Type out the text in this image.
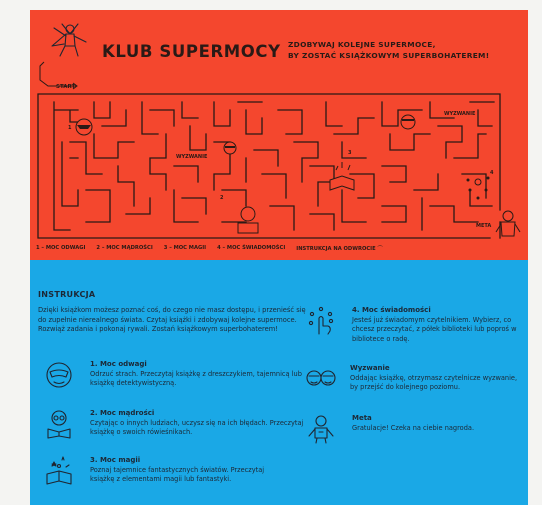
KLUB SUPERMOCY ZDOBYWAJ KOLEJNE SUPERMOCE,
BY ZOSTAĆ KSIĄŻKOWYM SUPERBOHATEREM!
START
1
WYZWANIE
2
3
WYZWANIE
4
META
1 – MOC ODWAGI 2 – MOC MĄDROŚCI 3 – MOC MAGII 4 – MOC ŚWIADOMOŚCI INSTRUKCJA NA ODWROCIE ⌒
INSTRUKCJA
Dzięki książkom możesz poznać coś, do czego nie masz dostępu, i przenieść się do zupełnie nierealnego świata. Czytaj książki i zdobywaj kolejne supermoce. Rozwiąż zadania i pokonaj rywali. Zostań książkowym superbohaterem!
1. Moc odwagi
Odrzuć strach. Przeczytaj książkę z dreszczykiem, tajemnicą lub książkę detektywistyczną.
2. Moc mądrości
Czytając o innych ludziach, uczysz się na ich błędach. Przeczytaj książkę o swoich rówieśnikach.
3. Moc magii
Poznaj tajemnice fantastycznych światów. Przeczytaj książkę z elementami magii lub fantastyki.
4. Moc świadomości
Jesteś już świadomym czytelnikiem. Wybierz, co chcesz przeczytać, z półek biblioteki lub poproś w bibliotece o radę.
Wyzwanie
Oddając książkę, otrzymasz czytelnicze wyzwanie, by przejść do kolejnego poziomu.
Meta
Gratulacje! Czeka na ciebie nagroda.
